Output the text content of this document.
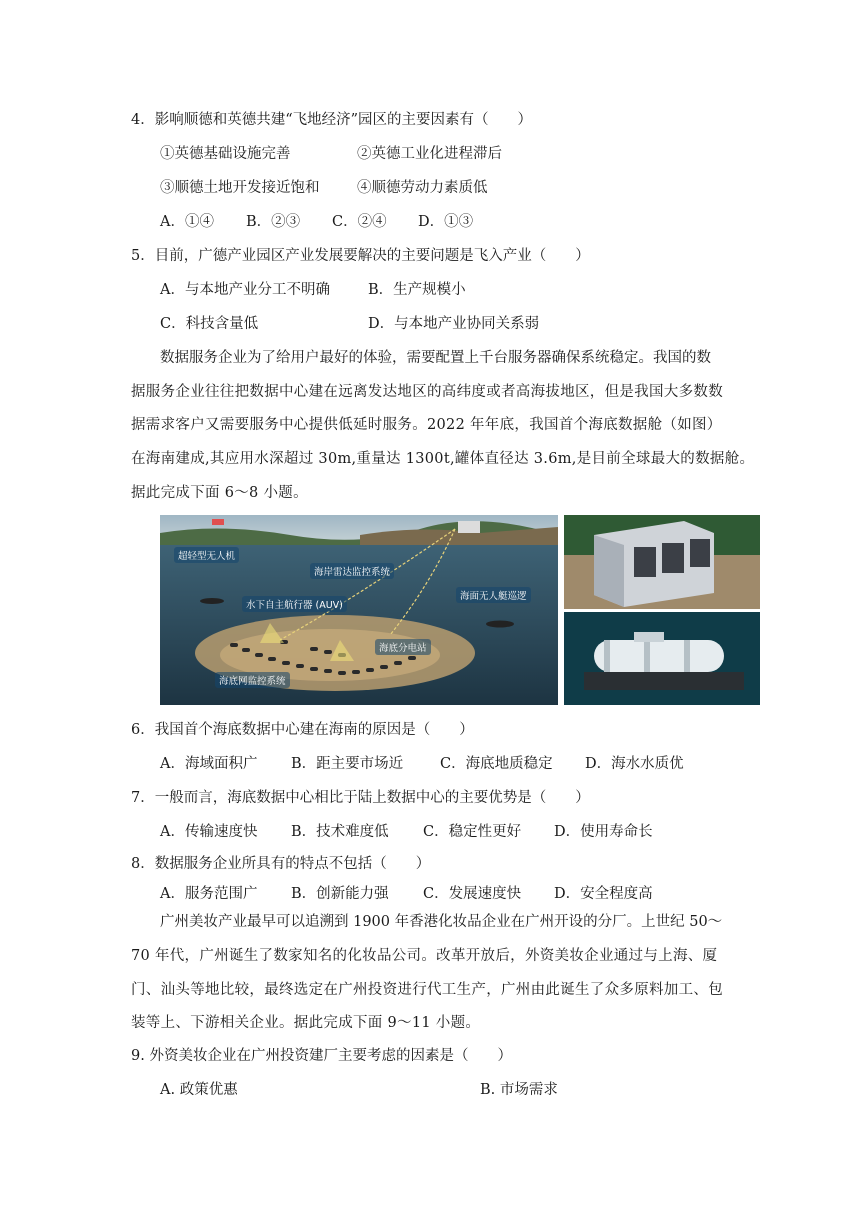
4．影响顺德和英德共建“飞地经济”园区的主要因素有（　　）
①英德基础设施完善	②英德工业化进程滞后
③顺德土地开发接近饱和	④顺德劳动力素质低
A．①④ B．②③ C．②④ D．①③
5．目前，广德产业园区产业发展要解决的主要问题是飞入产业（　　）
A．与本地产业分工不明确	B．生产规模小
C．科技含量低	D．与本地产业协同关系弱
数据服务企业为了给用户最好的体验，需要配置上千台服务器确保系统稳定。我国的数
据服务企业往往把数据中心建在远离发达地区的高纬度或者高海拔地区，但是我国大多数数
据需求客户又需要服务中心提供低延时服务。2022 年年底，我国首个海底数据舱（如图）
在海南建成,其应用水深超过 30m,重量达 1300t,罐体直径达 3.6m,是目前全球最大的数据舱。
据此完成下面 6～8 小题。
超轻型无人机
海岸雷达监控系统
水下自主航行器 (AUV)
海面无人艇巡逻
海底分电站
海底网监控系统
6．我国首个海底数据中心建在海南的原因是（　　）
A．海域面积广 B．距主要市场近	C．海底地质稳定 D．海水水质优
7．一般而言，海底数据中心相比于陆上数据中心的主要优势是（　　）
A．传输速度快 B．技术难度低 C．稳定性更好 D．使用寿命长
8．数据服务企业所具有的特点不包括（　　）
A．服务范围广 B．创新能力强 C．发展速度快 D．安全程度高
广州美妆产业最早可以追溯到 1900 年香港化妆品企业在广州开设的分厂。上世纪 50～
70 年代，广州诞生了数家知名的化妆品公司。改革开放后，外资美妆企业通过与上海、厦
门、汕头等地比较，最终选定在广州投资进行代工生产，广州由此诞生了众多原料加工、包
装等上、下游相关企业。据此完成下面 9～11 小题。
9. 外资美妆企业在广州投资建厂主要考虑的因素是（　　）
A. 政策优惠	B. 市场需求
